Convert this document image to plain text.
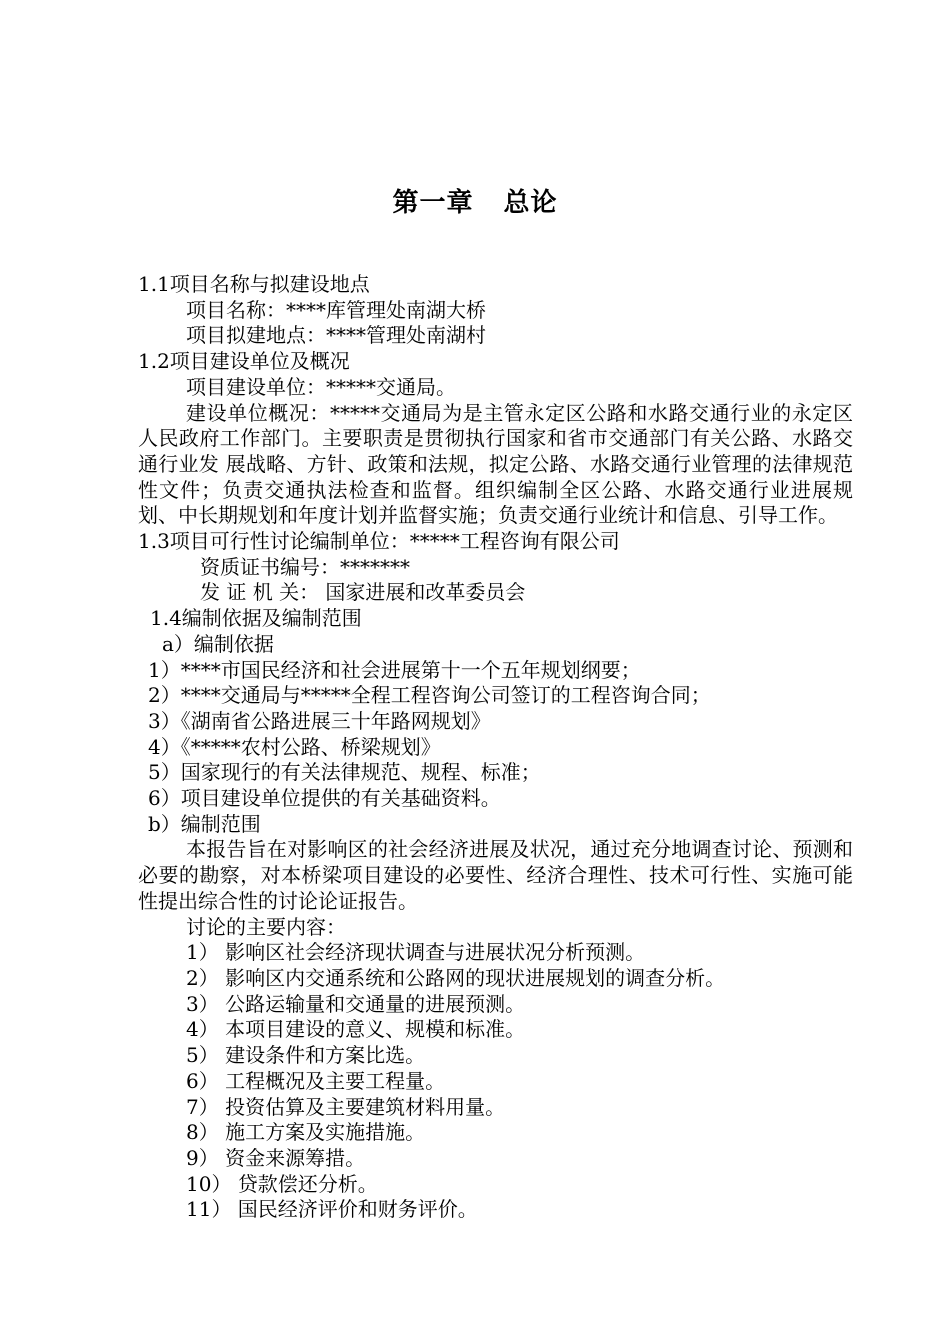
第一章 总论
1.1项目名称与拟建设地点
项目名称：****库管理处南湖大桥
项目拟建地点：****管理处南湖村
1.2项目建设单位及概况
项目建设单位：*****交通局。
建设单位概况：*****交通局为是主管永定区公路和水路交通行业的永定区人民政府工作部门。主要职责是贯彻执行国家和省市交通部门有关公路、水路交通行业发 展战略、方针、政策和法规，拟定公路、水路交通行业管理的法律规范性文件；负责交通执法检查和监督。组织编制全区公路、水路交通行业进展规划、中长期规划和年度计划并监督实施；负责交通行业统计和信息、引导工作。
1.3项目可行性讨论编制单位：*****工程咨询有限公司
资质证书编号：*******
发 证 机 关： 国家进展和改革委员会
1.4编制依据及编制范围
a）编制依据
1）****市国民经济和社会进展第十一个五年规划纲要；
2）****交通局与*****全程工程咨询公司签订的工程咨询合同；
3）《湖南省公路进展三十年路网规划》
4）《*****农村公路、桥梁规划》
5）国家现行的有关法律规范、规程、标准；
6）项目建设单位提供的有关基础资料。
b）编制范围
本报告旨在对影响区的社会经济进展及状况，通过充分地调查讨论、预测和必要的勘察，对本桥梁项目建设的必要性、经济合理性、技术可行性、实施可能性提出综合性的讨论论证报告。
讨论的主要内容：
1） 影响区社会经济现状调查与进展状况分析预测。
2） 影响区内交通系统和公路网的现状进展规划的调查分析。
3） 公路运输量和交通量的进展预测。
4） 本项目建设的意义、规模和标准。
5） 建设条件和方案比选。
6） 工程概况及主要工程量。
7） 投资估算及主要建筑材料用量。
8） 施工方案及实施措施。
9） 资金来源筹措。
10） 贷款偿还分析。
11） 国民经济评价和财务评价。
